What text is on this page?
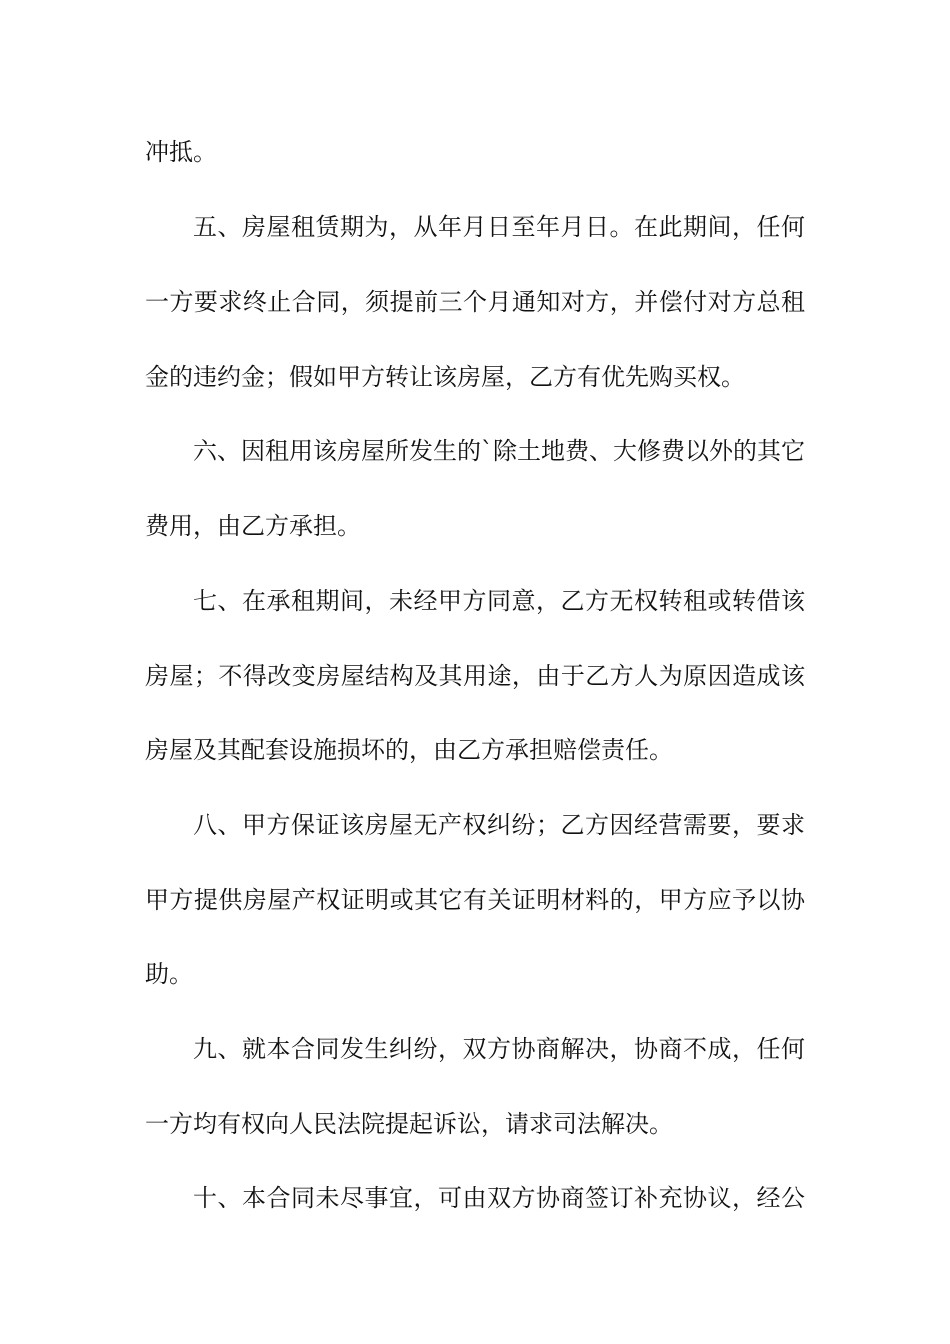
冲抵。
五、房屋租赁期为，从年月日至年月日。在此期间，任何
一方要求终止合同，须提前三个月通知对方，并偿付对方总租
金的违约金；假如甲方转让该房屋，乙方有优先购买权。
六、因租用该房屋所发生的`除土地费、大修费以外的其它
费用，由乙方承担。
七、在承租期间，未经甲方同意，乙方无权转租或转借该
房屋；不得改变房屋结构及其用途，由于乙方人为原因造成该
房屋及其配套设施损坏的，由乙方承担赔偿责任。
八、甲方保证该房屋无产权纠纷；乙方因经营需要，要求
甲方提供房屋产权证明或其它有关证明材料的，甲方应予以协
助。
九、就本合同发生纠纷，双方协商解决，协商不成，任何
一方均有权向人民法院提起诉讼，请求司法解决。
十、本合同未尽事宜，可由双方协商签订补充协议，经公
